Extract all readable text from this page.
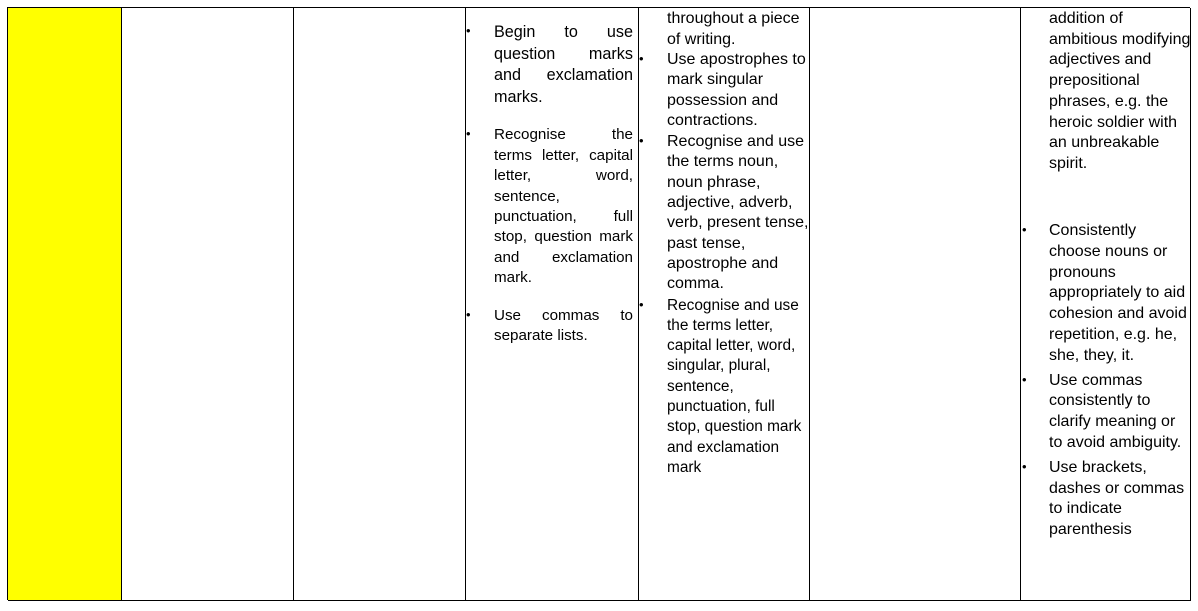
• Begin to use question marks and exclamation marks.
• Recognise the terms letter, capital letter, word, sentence, punctuation, full stop, question mark and exclamation mark.
• Use commas to separate lists.
throughout a piece of writing.
• Use apostrophes to mark singular possession and contractions.
• Recognise and use the terms noun, noun phrase, adjective, adverb, verb, present tense, past tense, apostrophe and comma.
• Recognise and use the terms letter, capital letter, word, singular, plural, sentence, punctuation, full stop, question mark and exclamation mark
addition of ambitious modifying adjectives and prepositional phrases, e.g. the heroic soldier with an unbreakable spirit.
• Consistently choose nouns or pronouns appropriately to aid cohesion and avoid repetition, e.g. he, she, they, it.
• Use commas consistently to clarify meaning or to avoid ambiguity.
• Use brackets, dashes or commas to indicate parenthesis
